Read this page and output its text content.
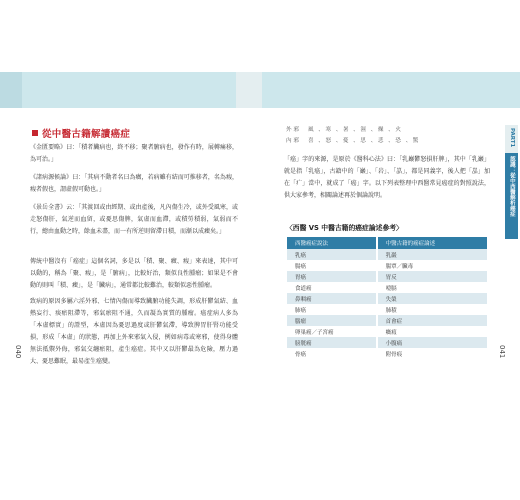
從中醫古籍解讀癌症

《金匱要略》曰：「積者臟病也，終不移；聚者腑病也，發作有時，展轉痛移，為可治。」

《諸病源候論》曰：「其病不動者名曰為癥，若病雖有結而可推移者，名為瘕，瘕者假也，謂虛假可動也。」

《景岳全書》云：「其渡回或由經期、或由產後，凡內傷生冷，或外受風寒，或走怒傷肝，氣逆而血留，或憂思傷脾，氣虛而血滯，或積勞積弱，氣弱而不行，總由血動之時，餘血未盡，而一有所逆則留滯日積，而漸以成癥矣。」

傳統中醫沒有「癌症」這個名詞，多是以「積、聚、癥、瘕」來表達，其中可以動的，稱為「聚、瘕」，是「腑病」，比較好治，類似良性腫瘤；如果是不會動的則叫「積、癥」，是「臟病」，通常都比較難治，較類似惡性腫瘤。

致病的原因多屬六淫外邪、七情內傷而導致臟腑功能失調，形成肝鬱氣結、血熱妄行、痰瘀阻滯等，邪氣瘀阻不通，久而凝為實質的腫瘤。癌症病人多為「本虛標實」的證型，本虛因為憂思過度或肝鬱氣滯，導致脾胃肝腎功能受損，形成「本虛」的狀態，再加上外來邪氣入侵，例如病毒或寒邪，使得身體無法抵禦外侮，邪氣交纏瘀阻，產生癌症。其中又以肝鬱最為危險，壓力過大、憂思難眠，最易產生癌變。

040
外 邪	風 、寒 、暑 、濕 、燥 、火
內 邪	喜 、怒 、憂 、思 、悲 、恐 、驚

「癌」字的來源，是原於《醫科心法》曰：「乳巖鬱怒損肝脾」，其中「乳巖」就是指「乳癌」，古籍中的「巖」、「岩」、「嵓」，都是同義字，後人把「嵓」加在「疒」當中，就成了「癌」字。以下列表整理中西醫常見癌症的對照說法，供大家參考，相關論述再於個論說明。

〈西醫 VS 中醫古籍的癌症論述參考〉
西醫癌症說法	中醫古籍的癌症論述
乳癌	乳巖
腸癌	腸覃／臟毒
胃癌	胃反
食道癌	噎膈
鼻咽癌	失榮
肺癌	肺積
腦瘤	首會症
卵巢癌／子宮癌	癥瘕
膀胱癌	小腹痛
骨癌	附骨痕	041
PART1
認識：從中西醫解析癌症
